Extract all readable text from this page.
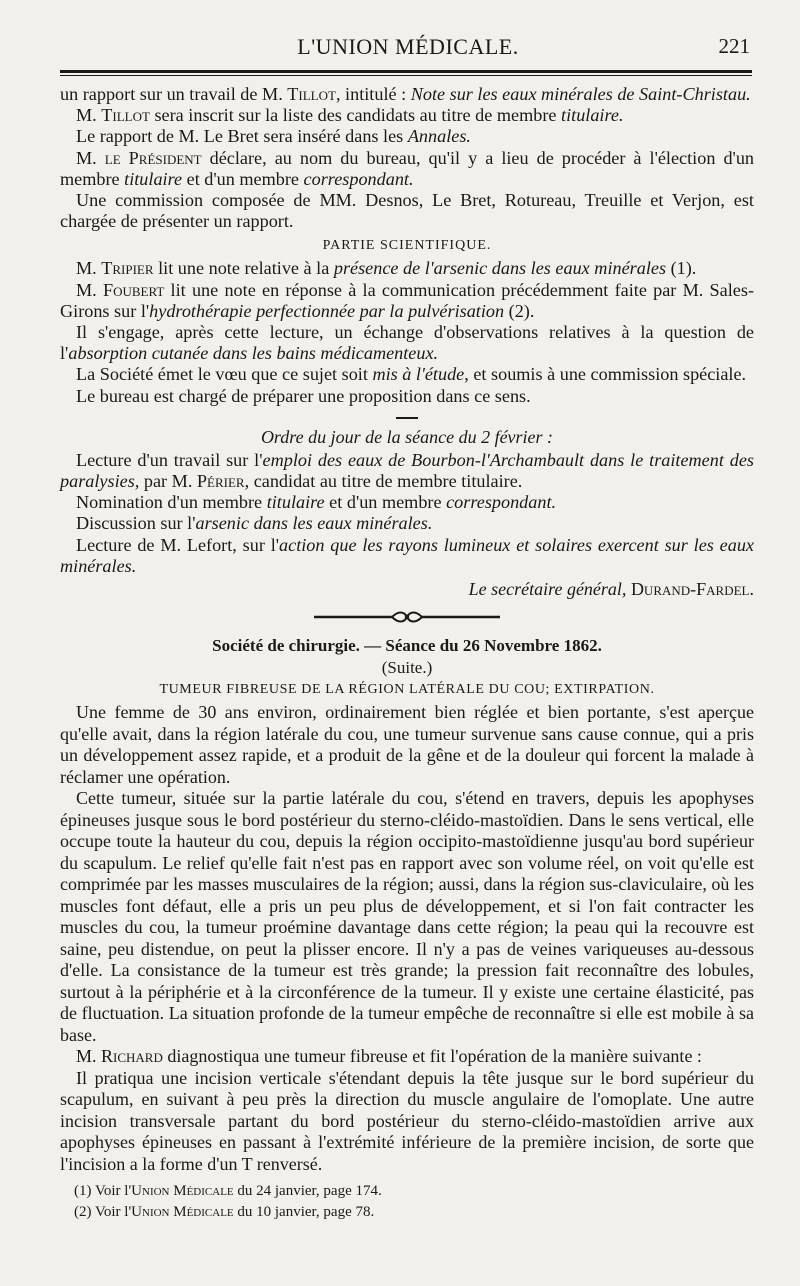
L'UNION MÉDICALE.	221

un rapport sur un travail de M. Tillot, intitulé : Note sur les eaux minérales de Saint-Christau.

M. Tillot sera inscrit sur la liste des candidats au titre de membre titulaire.

Le rapport de M. Le Bret sera inséré dans les Annales.

M. le Président déclare, au nom du bureau, qu'il y a lieu de procéder à l'élection d'un membre titulaire et d'un membre correspondant.

Une commission composée de MM. Desnos, Le Bret, Rotureau, Treuille et Verjon, est chargée de présenter un rapport.

PARTIE SCIENTIFIQUE.

M. Tripier lit une note relative à la présence de l'arsenic dans les eaux minérales (1).

M. Foubert lit une note en réponse à la communication précédemment faite par M. Sales-Girons sur l'hydrothérapie perfectionnée par la pulvérisation (2).

Il s'engage, après cette lecture, un échange d'observations relatives à la question de l'absorption cutanée dans les bains médicamenteux.

La Société émet le vœu que ce sujet soit mis à l'étude, et soumis à une commission spéciale.

Le bureau est chargé de préparer une proposition dans ce sens.

Ordre du jour de la séance du 2 février :

Lecture d'un travail sur l'emploi des eaux de Bourbon-l'Archambault dans le traitement des paralysies, par M. Périer, candidat au titre de membre titulaire.

Nomination d'un membre titulaire et d'un membre correspondant.

Discussion sur l'arsenic dans les eaux minérales.

Lecture de M. Lefort, sur l'action que les rayons lumineux et solaires exercent sur les eaux minérales.

Le secrétaire général, Durand-Fardel.
Société de chirurgie. — Séance du 26 Novembre 1862.
(Suite.)
TUMEUR FIBREUSE DE LA RÉGION LATÉRALE DU COU; EXTIRPATION.

Une femme de 30 ans environ, ordinairement bien réglée et bien portante, s'est aperçue qu'elle avait, dans la région latérale du cou, une tumeur survenue sans cause connue, qui a pris un développement assez rapide, et a produit de la gêne et de la douleur qui forcent la malade à réclamer une opération.

Cette tumeur, située sur la partie latérale du cou, s'étend en travers, depuis les apophyses épineuses jusque sous le bord postérieur du sterno-cléido-mastoïdien. Dans le sens vertical, elle occupe toute la hauteur du cou, depuis la région occipito-mastoïdienne jusqu'au bord supérieur du scapulum. Le relief qu'elle fait n'est pas en rapport avec son volume réel, on voit qu'elle est comprimée par les masses musculaires de la région; aussi, dans la région sus-claviculaire, où les muscles font défaut, elle a pris un peu plus de développement, et si l'on fait contracter les muscles du cou, la tumeur proémine davantage dans cette région; la peau qui la recouvre est saine, peu distendue, on peut la plisser encore. Il n'y a pas de veines variqueuses au-dessous d'elle. La consistance de la tumeur est très grande; la pression fait reconnaître des lobules, surtout à la périphérie et à la circonférence de la tumeur. Il y existe une certaine élasticité, pas de fluctuation. La situation profonde de la tumeur empêche de reconnaître si elle est mobile à sa base.

M. Richard diagnostiqua une tumeur fibreuse et fit l'opération de la manière suivante :

Il pratiqua une incision verticale s'étendant depuis la tête jusque sur le bord supérieur du scapulum, en suivant à peu près la direction du muscle angulaire de l'omoplate. Une autre incision transversale partant du bord postérieur du sterno-cléido-mastoïdien arrive aux apophyses épineuses en passant à l'extrémité inférieure de la première incision, de sorte que l'incision a la forme d'un T renversé.

(1) Voir l'Union Médicale du 24 janvier, page 174.
(2) Voir l'Union Médicale du 10 janvier, page 78.
